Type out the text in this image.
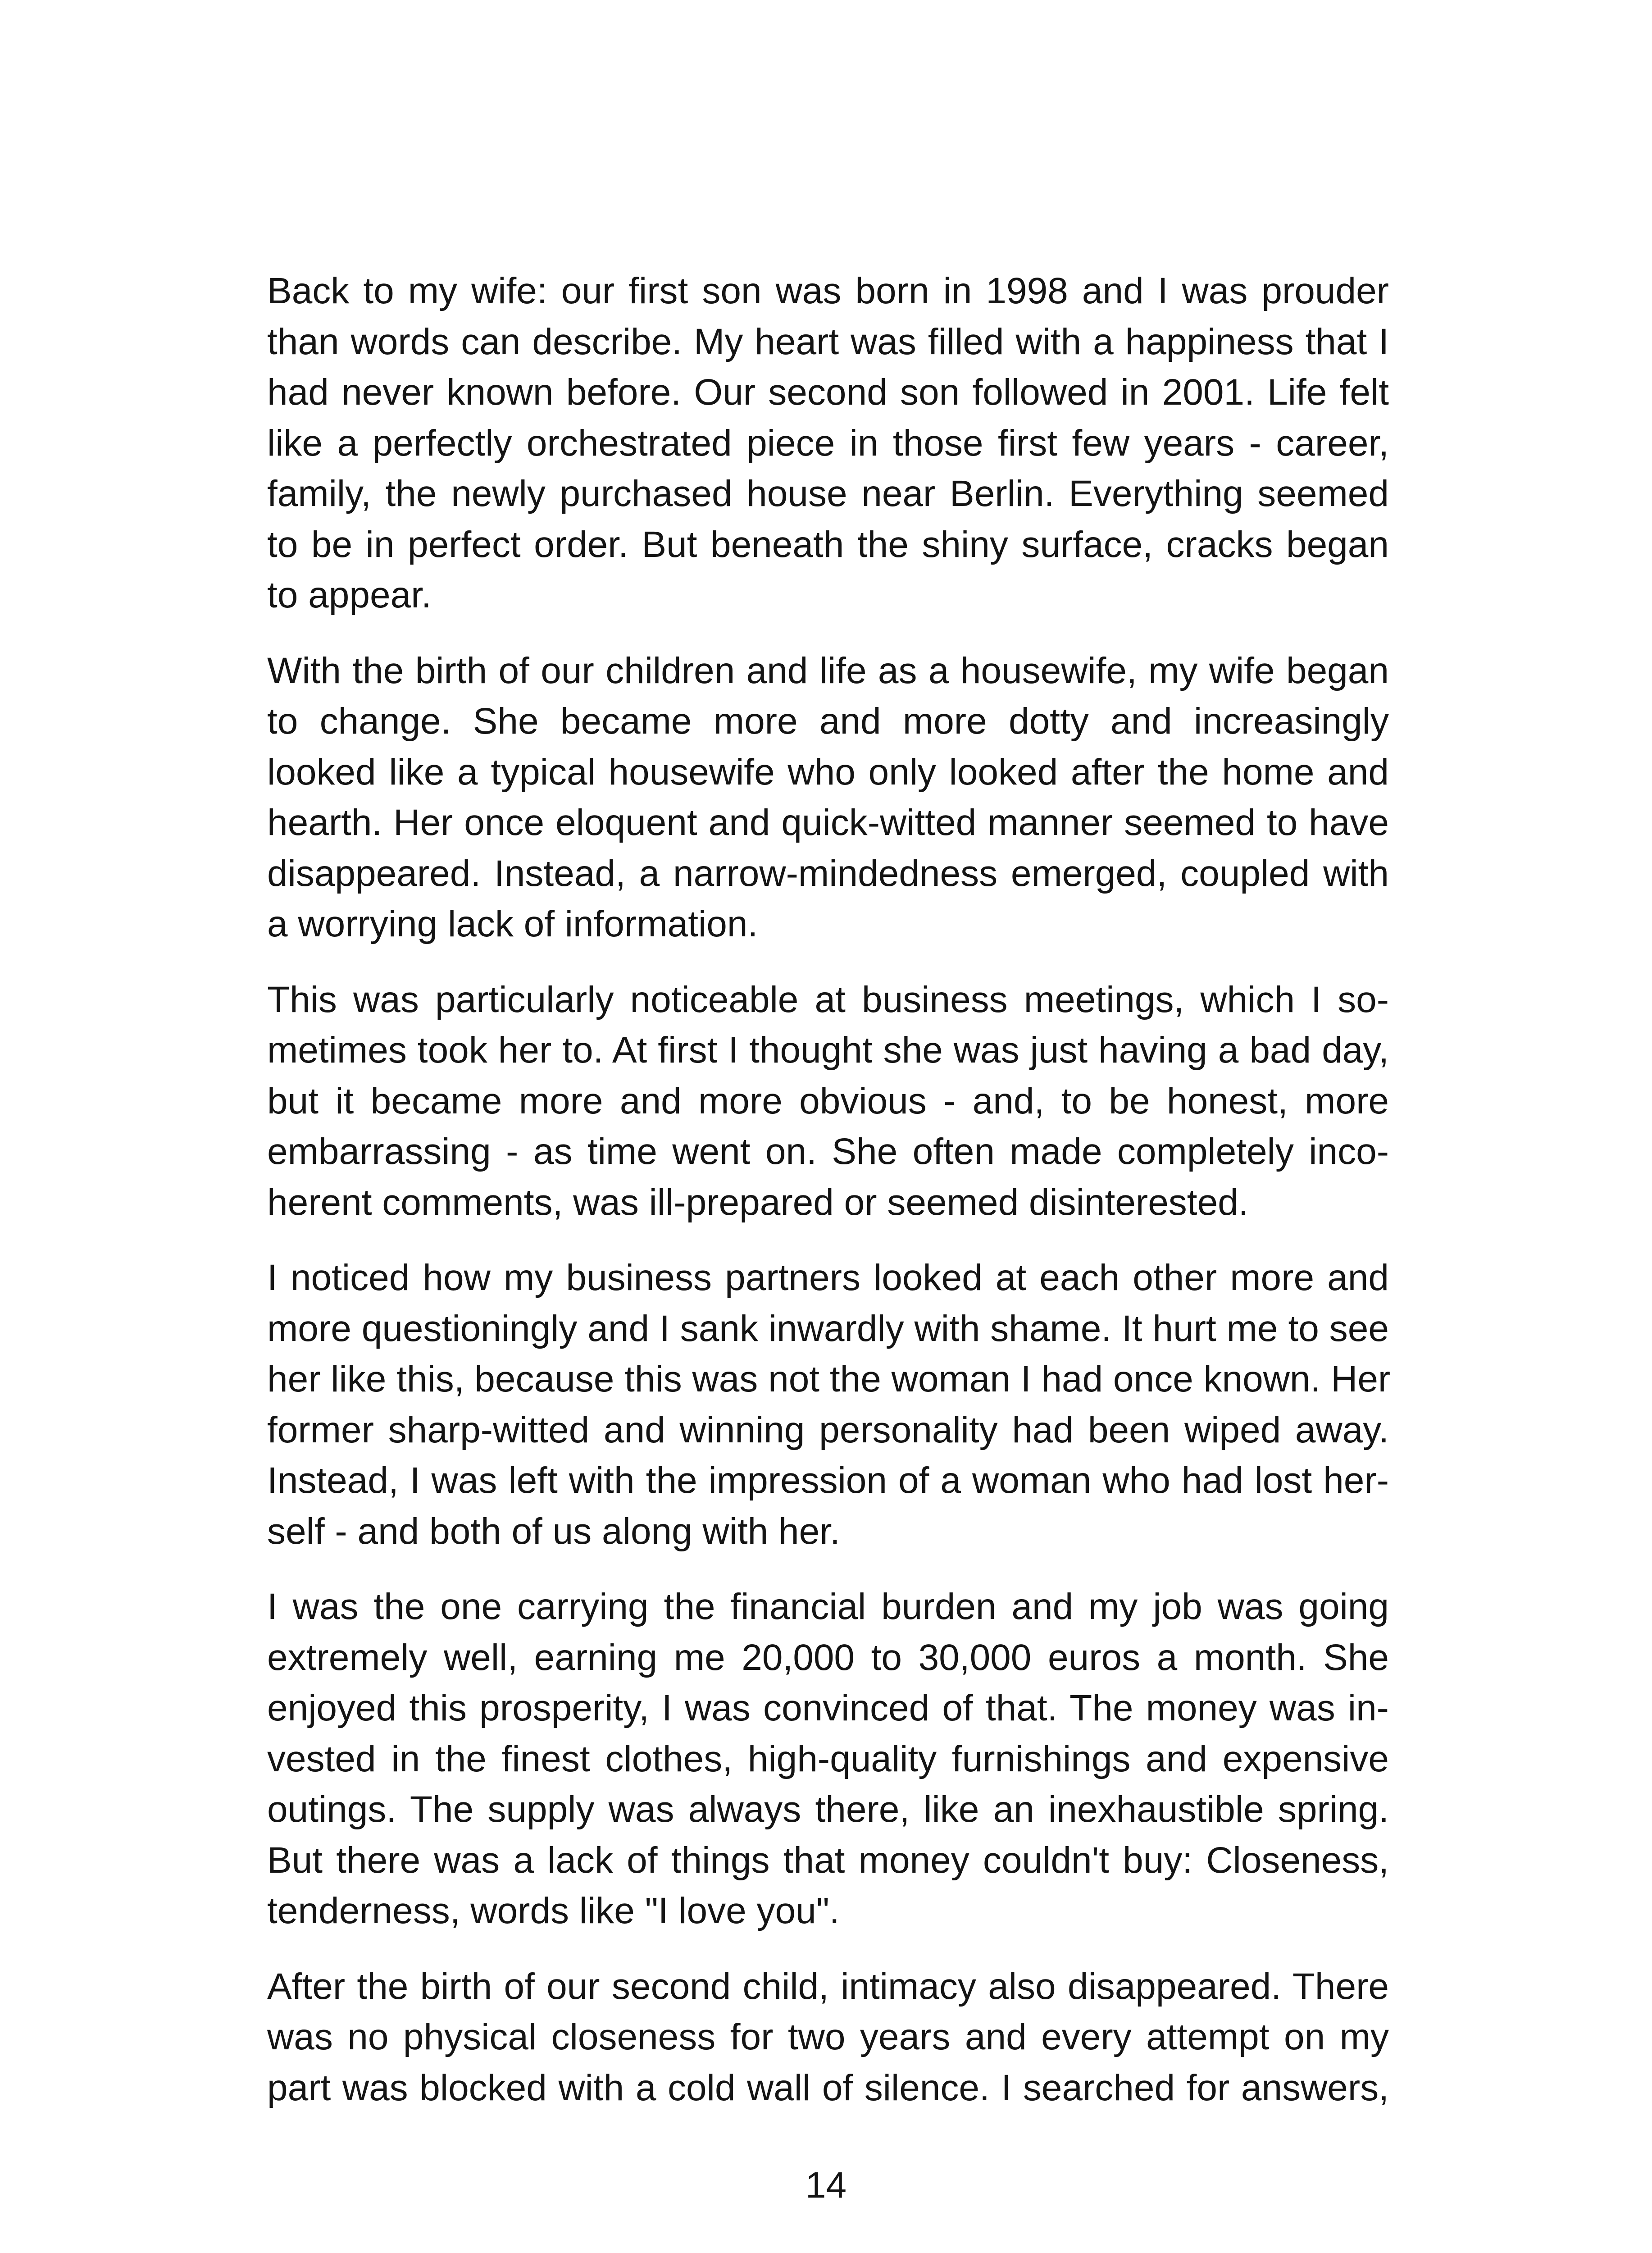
Back to my wife: our first son was born in 1998 and I was prouder
than words can describe. My heart was filled with a happiness that I
had never known before. Our second son followed in 2001. Life felt
like a perfectly orchestrated piece in those first few years - career,
family, the newly purchased house near Berlin. Everything seemed
to be in perfect order. But beneath the shiny surface, cracks began
to appear.

With the birth of our children and life as a housewife, my wife began
to change. She became more and more dotty and increasingly
looked like a typical housewife who only looked after the home and
hearth. Her once eloquent and quick-witted manner seemed to have
disappeared. Instead, a narrow-mindedness emerged, coupled with
a worrying lack of information.

This was particularly noticeable at business meetings, which I so-
metimes took her to. At first I thought she was just having a bad day,
but it became more and more obvious - and, to be honest, more
embarrassing - as time went on. She often made completely inco-
herent comments, was ill-prepared or seemed disinterested.

I noticed how my business partners looked at each other more and
more questioningly and I sank inwardly with shame. It hurt me to see
her like this, because this was not the woman I had once known. Her
former sharp-witted and winning personality had been wiped away.
Instead, I was left with the impression of a woman who had lost her-
self - and both of us along with her.

I was the one carrying the financial burden and my job was going
extremely well, earning me 20,000 to 30,000 euros a month. She
enjoyed this prosperity, I was convinced of that. The money was in-
vested in the finest clothes, high-quality furnishings and expensive
outings. The supply was always there, like an inexhaustible spring.
But there was a lack of things that money couldn't buy: Closeness,
tenderness, words like "I love you".

After the birth of our second child, intimacy also disappeared. There
was no physical closeness for two years and every attempt on my
part was blocked with a cold wall of silence. I searched for answers,

14
